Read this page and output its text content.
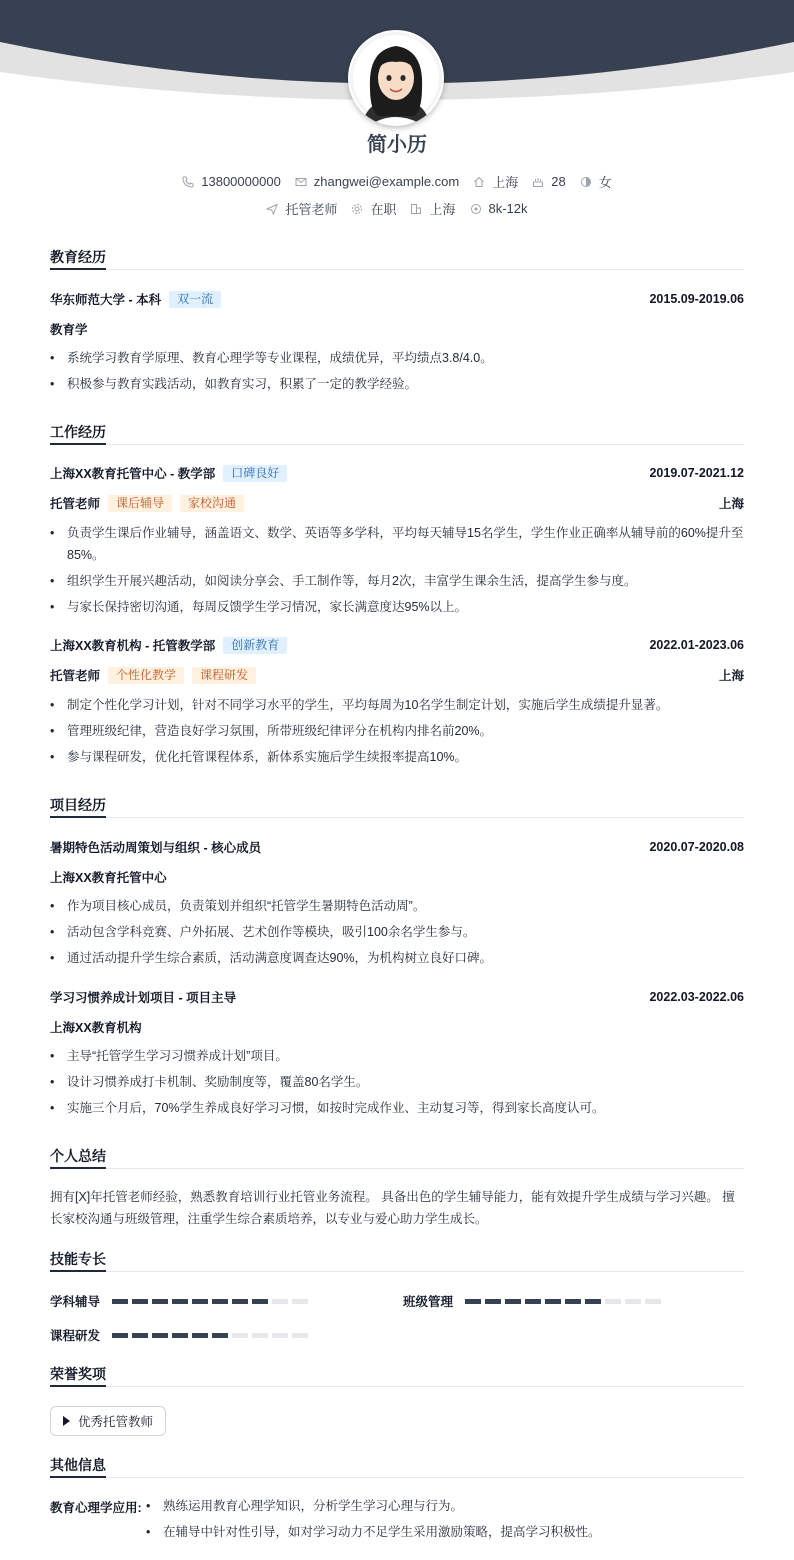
简小历
13800000000	zhangwei@example.com	上海	28	女
托管老师	在职	上海	8k-12k
教育经历
华东师范大学 - 本科	双一流	2015.09-2019.06
教育学
• 系统学习教育学原理、教育心理学等专业课程，成绩优异，平均绩点3.8/4.0。
• 积极参与教育实践活动，如教育实习，积累了一定的教学经验。
工作经历
上海XX教育托管中心 - 教学部	口碑良好	2019.07-2021.12
托管老师	课后辅导	家校沟通	上海
• 负责学生课后作业辅导，涵盖语文、数学、英语等多学科，平均每天辅导15名学生，学生作业正确率从辅导前的60%提升至85%。
• 组织学生开展兴趣活动，如阅读分享会、手工制作等，每月2次，丰富学生课余生活，提高学生参与度。
• 与家长保持密切沟通，每周反馈学生学习情况，家长满意度达95%以上。
上海XX教育机构 - 托管教学部	创新教育	2022.01-2023.06
托管老师	个性化教学	课程研发	上海
• 制定个性化学习计划，针对不同学习水平的学生，平均每周为10名学生制定计划，实施后学生成绩提升显著。
• 管理班级纪律，营造良好学习氛围，所带班级纪律评分在机构内排名前20%。
• 参与课程研发，优化托管课程体系，新体系实施后学生续报率提高10%。
项目经历
暑期特色活动周策划与组织 - 核心成员	2020.07-2020.08
上海XX教育托管中心
• 作为项目核心成员，负责策划并组织“托管学生暑期特色活动周”。
• 活动包含学科竞赛、户外拓展、艺术创作等模块，吸引100余名学生参与。
• 通过活动提升学生综合素质，活动满意度调查达90%，为机构树立良好口碑。
学习习惯养成计划项目 - 项目主导	2022.03-2022.06
上海XX教育机构
• 主导“托管学生学习习惯养成计划”项目。
• 设计习惯养成打卡机制、奖励制度等，覆盖80名学生。
• 实施三个月后，70%学生养成良好学习习惯，如按时完成作业、主动复习等，得到家长高度认可。
个人总结
拥有[X]年托管老师经验，熟悉教育培训行业托管业务流程。 具备出色的学生辅导能力，能有效提升学生成绩与学习兴趣。 擅长家校沟通与班级管理，注重学生综合素质培养，以专业与爱心助力学生成长。
技能专长
学科辅导	班级管理
课程研发
荣誉奖项
优秀托管教师
其他信息
教育心理学应用:
•	熟练运用教育心理学知识，分析学生学习心理与行为。
• 在辅导中针对性引导，如对学习动力不足学生采用激励策略，提高学习积极性。
